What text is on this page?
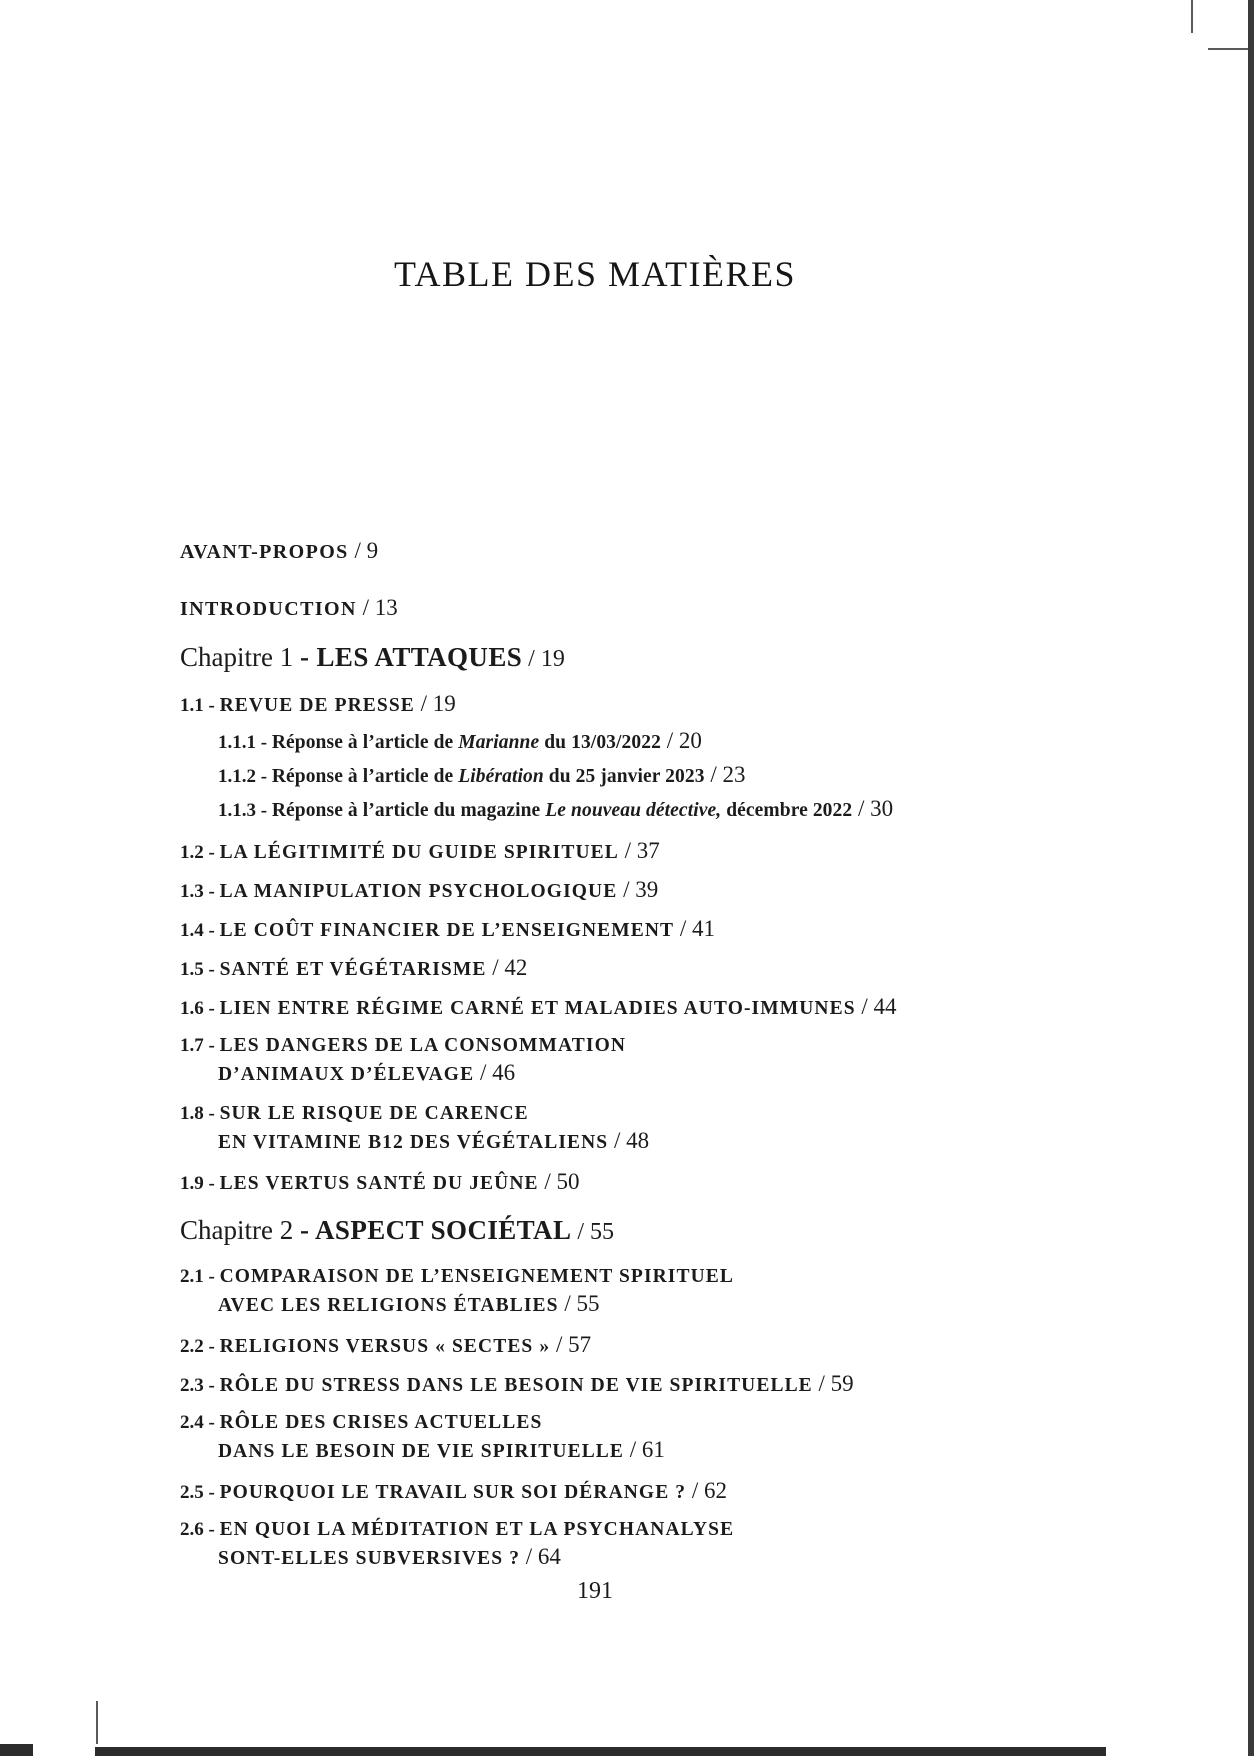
TABLE DES MATIÈRES
AVANT-PROPOS / 9
INTRODUCTION / 13
Chapitre 1 - LES ATTAQUES / 19
1.1 - REVUE DE PRESSE / 19
1.1.1 - Réponse à l’article de Marianne du 13/03/2022 / 20
1.1.2 - Réponse à l’article de Libération du 25 janvier 2023 / 23
1.1.3 - Réponse à l’article du magazine Le nouveau détective, décembre 2022 / 30
1.2 - LA LÉGITIMITÉ DU GUIDE SPIRITUEL / 37
1.3 - LA MANIPULATION PSYCHOLOGIQUE / 39
1.4 - LE COÛT FINANCIER DE L’ENSEIGNEMENT / 41
1.5 - SANTÉ ET VÉGÉTARISME / 42
1.6 - LIEN ENTRE RÉGIME CARNÉ ET MALADIES AUTO-IMMUNES / 44
1.7 - LES DANGERS DE LA CONSOMMATION
D’ANIMAUX D’ÉLEVAGE / 46
1.8 - SUR LE RISQUE DE CARENCE
EN VITAMINE B12 DES VÉGÉTALIENS / 48
1.9 - LES VERTUS SANTÉ DU JEÛNE / 50
Chapitre 2 - ASPECT SOCIÉTAL / 55
2.1 - COMPARAISON DE L’ENSEIGNEMENT SPIRITUEL
AVEC LES RELIGIONS ÉTABLIES / 55
2.2 - RELIGIONS VERSUS « SECTES » / 57
2.3 - RÔLE DU STRESS DANS LE BESOIN DE VIE SPIRITUELLE / 59
2.4 - RÔLE DES CRISES ACTUELLES
DANS LE BESOIN DE VIE SPIRITUELLE / 61
2.5 - POURQUOI LE TRAVAIL SUR SOI DÉRANGE ? / 62
2.6 - EN QUOI LA MÉDITATION ET LA PSYCHANALYSE
SONT-ELLES SUBVERSIVES ? / 64
191
